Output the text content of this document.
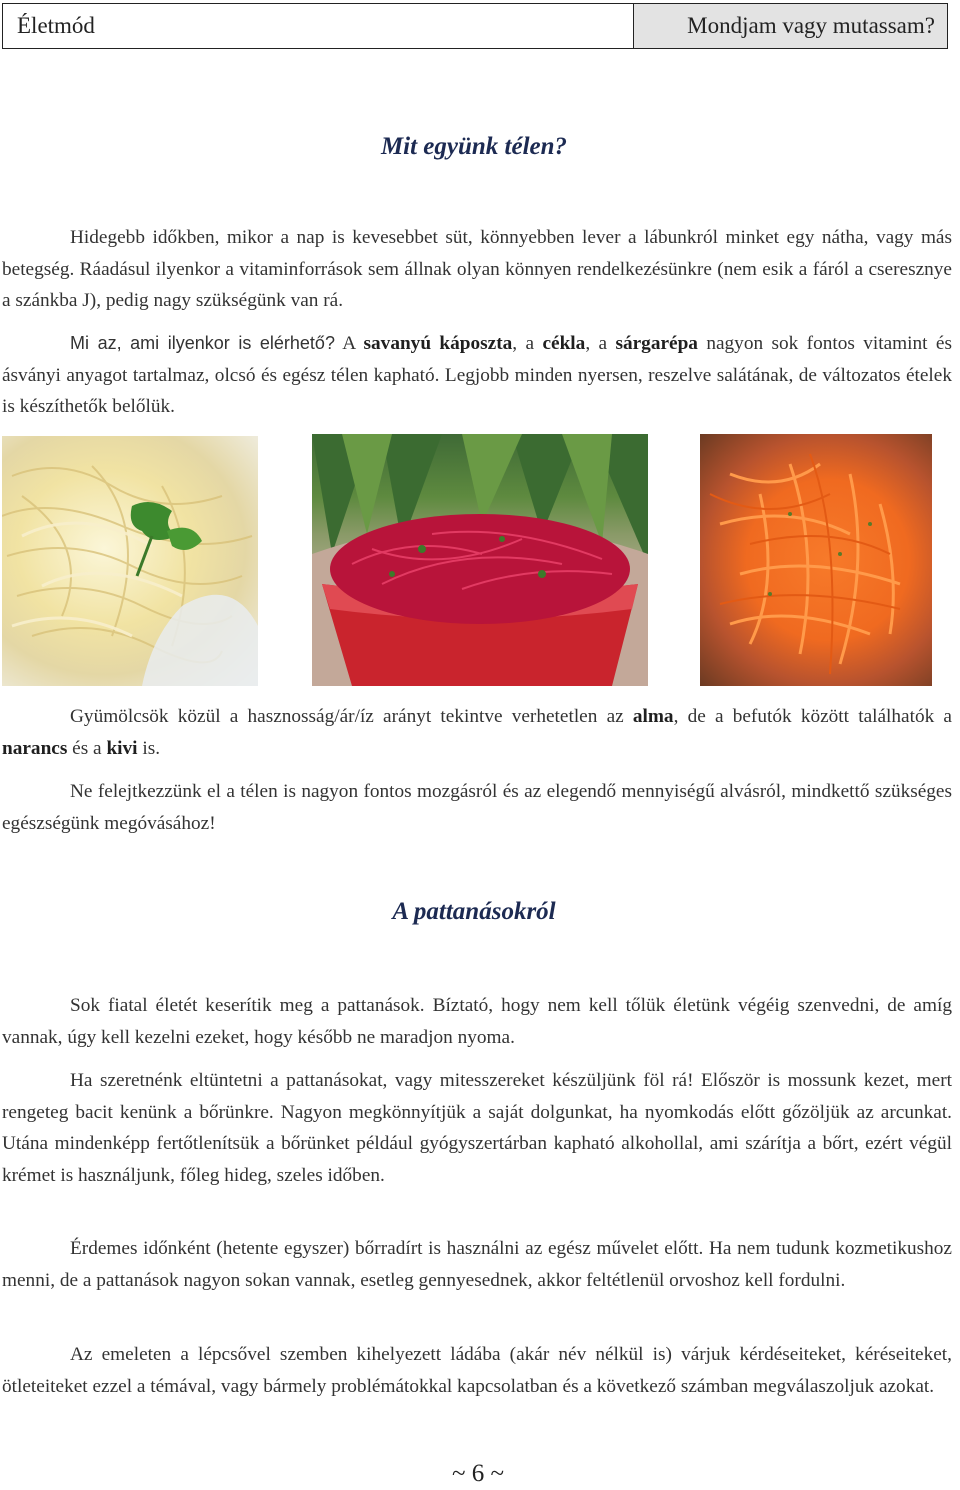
Életmód	Mondjam vagy mutassam?
Mit együnk télen?
Hidegebb időkben, mikor a nap is kevesebbet süt, könnyebben lever a lábunkról minket egy nátha, vagy más betegség. Ráadásul ilyenkor a vitaminforrások sem állnak olyan könnyen rendelkezésünkre (nem esik a fáról a cseresznye a szánkba J), pedig nagy szükségünk van rá.
Mi az, ami ilyenkor is elérhető? A savanyú káposzta, a cékla, a sárgarépa nagyon sok fontos vitamint és ásványi anyagot tartalmaz, olcsó és egész télen kapható. Legjobb minden nyersen, reszelve salátának, de változatos ételek is készíthetők belőlük.
Gyümölcsök közül a hasznosság/ár/íz arányt tekintve verhetetlen az alma, de a befutók között találhatók a narancs és a kivi is.
Ne felejtkezzünk el a télen is nagyon fontos mozgásról és az elegendő mennyiségű alvásról, mindkettő szükséges egészségünk megóvásához!
A pattanásokról
Sok fiatal életét keserítik meg a pattanások. Bíztató, hogy nem kell tőlük életünk végéig szenvedni, de amíg vannak, úgy kell kezelni ezeket, hogy később ne maradjon nyoma.
Ha szeretnénk eltüntetni a pattanásokat, vagy mitesszereket készüljünk föl rá! Először is mossunk kezet, mert rengeteg bacit kenünk a bőrünkre. Nagyon megkönnyítjük a saját dolgunkat, ha nyomkodás előtt gőzöljük az arcunkat. Utána mindenképp fertőtlenítsük a bőrünket például gyógyszertárban kapható alkohollal, ami szárítja a bőrt, ezért végül krémet is használjunk, főleg hideg, szeles időben.
Érdemes időnként (hetente egyszer) bőrradírt is használni az egész művelet előtt. Ha nem tudunk kozmetikushoz menni, de a pattanások nagyon sokan vannak, esetleg gennyesednek, akkor feltétlenül orvoshoz kell fordulni.
Az emeleten a lépcsővel szemben kihelyezett ládába (akár név nélkül is) várjuk kérdéseiteket, kéréseiteket, ötleteiteket ezzel a témával, vagy bármely problémátokkal kapcsolatban és a következő számban megválaszoljuk azokat.
~ 6 ~
